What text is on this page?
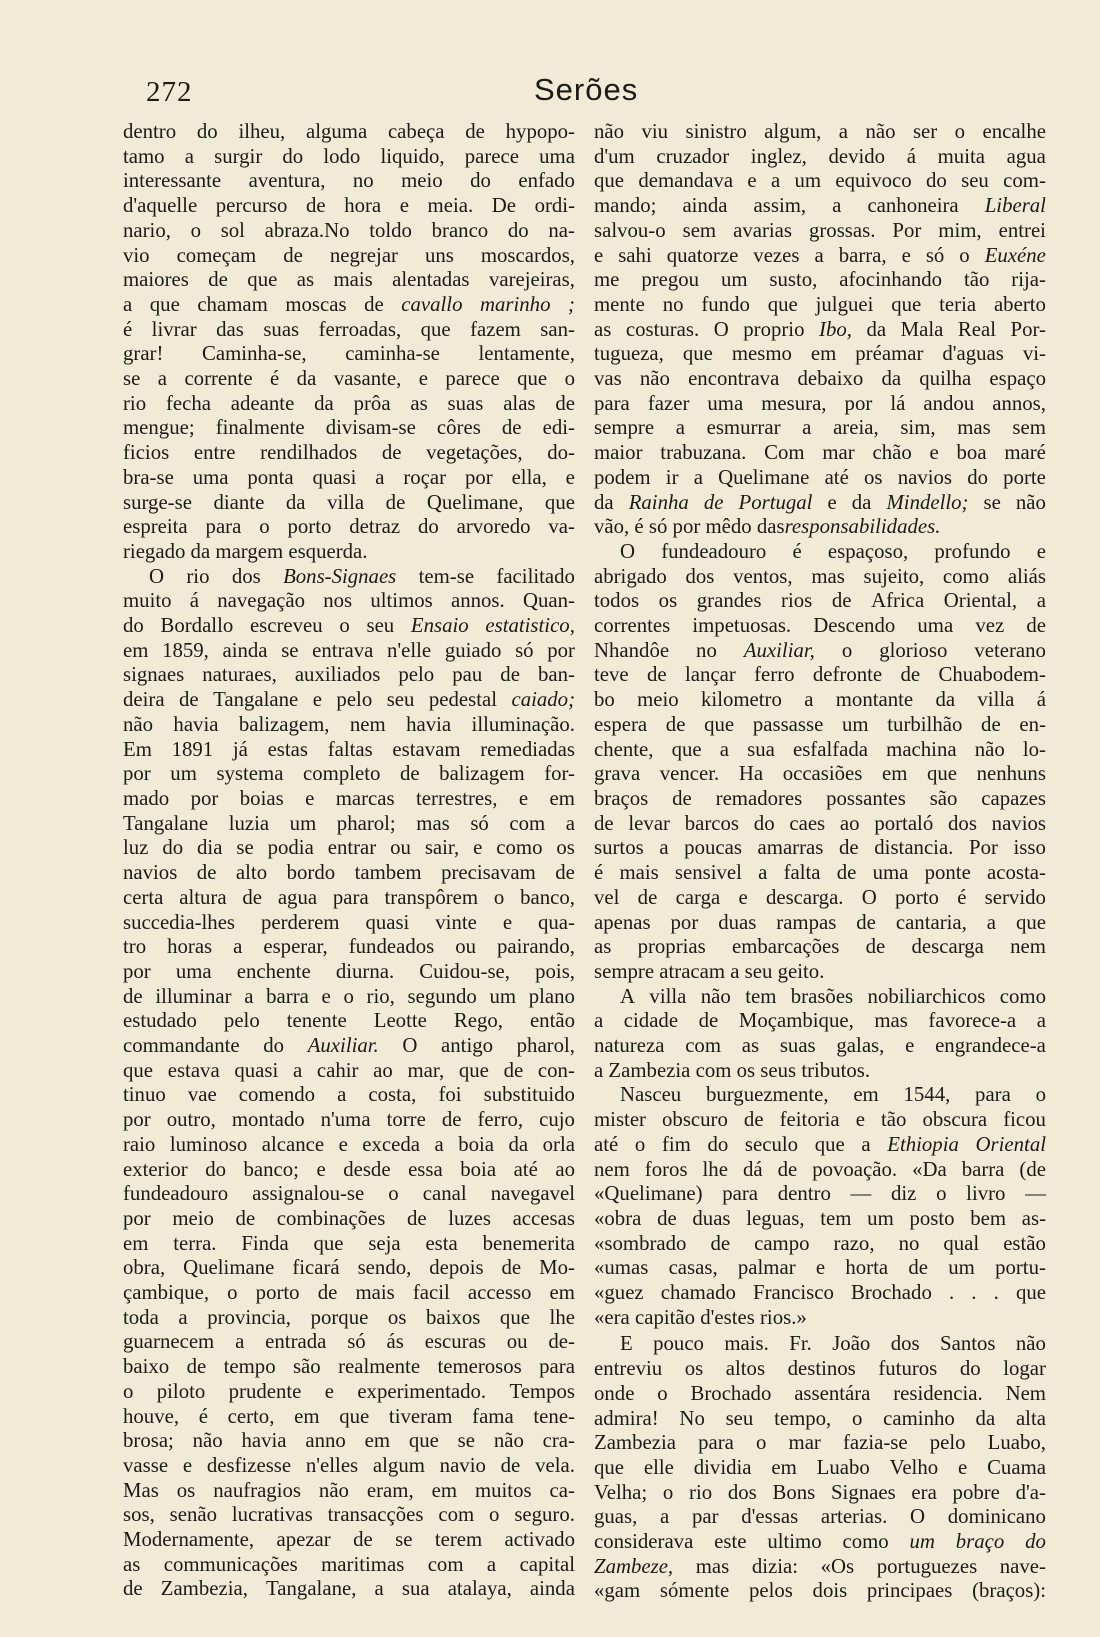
272	Serões
dentro do ilheu, alguma cabeça de hypopo-
tamo a surgir do lodo liquido, parece uma
interessante aventura, no meio do enfado
d'aquelle percurso de hora e meia. De ordi-
nario, o sol abraza.No toldo branco do na-
vio começam de negrejar uns moscardos,
maiores de que as mais alentadas varejeiras,
a que chamam moscas de cavallo marinho ;
é livrar das suas ferroadas, que fazem san-
grar! Caminha-se, caminha-se lentamente,
se a corrente é da vasante, e parece que o
rio fecha adeante da prôa as suas alas de
mengue; finalmente divisam-se côres de edi-
ficios entre rendilhados de vegetações, do-
bra-se uma ponta quasi a roçar por ella, e
surge-se diante da villa de Quelimane, que
espreita para o porto detraz do arvoredo va-
riegado da margem esquerda.
O rio dos Bons-Signaes tem-se facilitado
muito á navegação nos ultimos annos. Quan-
do Bordallo escreveu o seu Ensaio estatistico,
em 1859, ainda se entrava n'elle guiado só por
signaes naturaes, auxiliados pelo pau de ban-
deira de Tangalane e pelo seu pedestal caiado;
não havia balizagem, nem havia illuminação.
Em 1891 já estas faltas estavam remediadas
por um systema completo de balizagem for-
mado por boias e marcas terrestres, e em
Tangalane luzia um pharol; mas só com a
luz do dia se podia entrar ou sair, e como os
navios de alto bordo tambem precisavam de
certa altura de agua para transpôrem o banco,
succedia-lhes perderem quasi vinte e qua-
tro horas a esperar, fundeados ou pairando,
por uma enchente diurna. Cuidou-se, pois,
de illuminar a barra e o rio, segundo um plano
estudado pelo tenente Leotte Rego, então
commandante do Auxiliar. O antigo pharol,
que estava quasi a cahir ao mar, que de con-
tinuo vae comendo a costa, foi substituido
por outro, montado n'uma torre de ferro, cujo
raio luminoso alcance e exceda a boia da orla
exterior do banco; e desde essa boia até ao
fundeadouro assignalou-se o canal navegavel
por meio de combinações de luzes accesas
em terra. Finda que seja esta benemerita
obra, Quelimane ficará sendo, depois de Mo-
çambique, o porto de mais facil accesso em
toda a provincia, porque os baixos que lhe
guarnecem a entrada só ás escuras ou de-
baixo de tempo são realmente temerosos para
o piloto prudente e experimentado. Tempos
houve, é certo, em que tiveram fama tene-
brosa; não havia anno em que se não cra-
vasse e desfizesse n'elles algum navio de vela.
Mas os naufragios não eram, em muitos ca-
sos, senão lucrativas transacções com o seguro.
Modernamente, apezar de se terem activado
as communicações maritimas com a capital
de Zambezia, Tangalane, a sua atalaya, ainda
não viu sinistro algum, a não ser o encalhe
d'um cruzador inglez, devido á muita agua
que demandava e a um equivoco do seu com-
mando; ainda assim, a canhoneira Liberal
salvou-o sem avarias grossas. Por mim, entrei
e sahi quatorze vezes a barra, e só o Euxéne
me pregou um susto, afocinhando tão rija-
mente no fundo que julguei que teria aberto
as costuras. O proprio Ibo, da Mala Real Por-
tugueza, que mesmo em préamar d'aguas vi-
vas não encontrava debaixo da quilha espaço
para fazer uma mesura, por lá andou annos,
sempre a esmurrar a areia, sim, mas sem
maior trabuzana. Com mar chão e boa maré
podem ir a Quelimane até os navios do porte
da Rainha de Portugal e da Mindello; se não
vão, é só por mêdo das responsabilidades.
O fundeadouro é espaçoso, profundo e
abrigado dos ventos, mas sujeito, como aliás
todos os grandes rios de Africa Oriental, a
correntes impetuosas. Descendo uma vez de
Nhandôe no Auxiliar, o glorioso veterano
teve de lançar ferro defronte de Chuabodem-
bo meio kilometro a montante da villa á
espera de que passasse um turbilhão de en-
chente, que a sua esfalfada machina não lo-
grava vencer. Ha occasiões em que nenhuns
braços de remadores possantes são capazes
de levar barcos do caes ao portaló dos navios
surtos a poucas amarras de distancia. Por isso
é mais sensivel a falta de uma ponte acosta-
vel de carga e descarga. O porto é servido
apenas por duas rampas de cantaria, a que
as proprias embarcações de descarga nem
sempre atracam a seu geito.
A villa não tem brasões nobiliarchicos como
a cidade de Moçambique, mas favorece-a a
natureza com as suas galas, e engrandece-a
a Zambezia com os seus tributos.
Nasceu burguezmente, em 1544, para o
mister obscuro de feitoria e tão obscura ficou
até o fim do seculo que a Ethiopia Oriental
nem foros lhe dá de povoação. «Da barra (de
«Quelimane) para dentro — diz o livro —
«obra de duas leguas, tem um posto bem as-
«sombrado de campo razo, no qual estão
«umas casas, palmar e horta de um portu-
«guez chamado Francisco Brochado . . . que
«era capitão d'estes rios.»
E pouco mais. Fr. João dos Santos não
entreviu os altos destinos futuros do logar
onde o Brochado assentára residencia. Nem
admira! No seu tempo, o caminho da alta
Zambezia para o mar fazia-se pelo Luabo,
que elle dividia em Luabo Velho e Cuama
Velha; o rio dos Bons Signaes era pobre d'a-
guas, a par d'essas arterias. O dominicano
considerava este ultimo como um braço do
Zambeze, mas dizia: «Os portuguezes nave-
«gam sómente pelos dois principaes (braços):
